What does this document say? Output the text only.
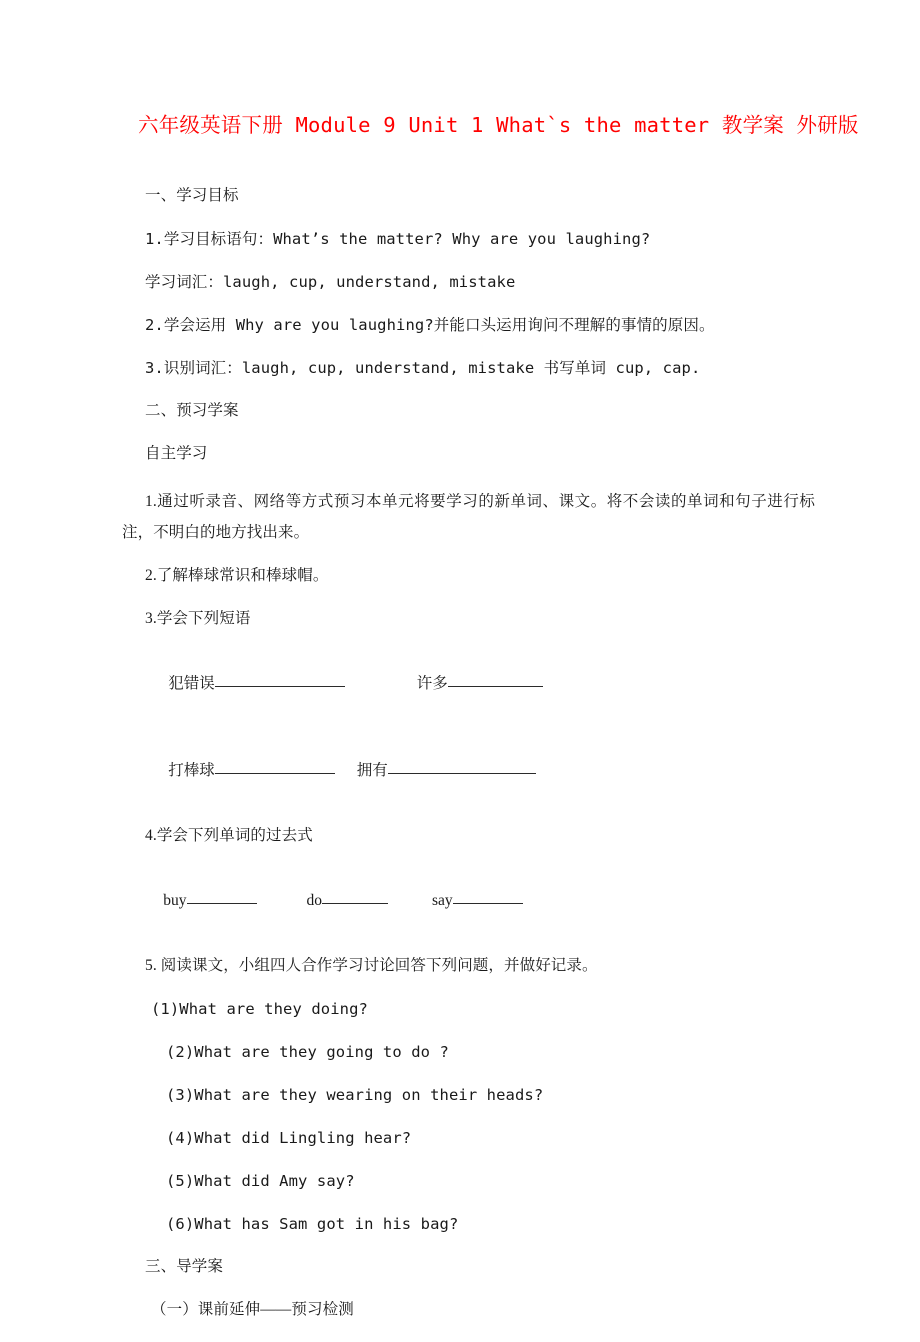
六年级英语下册 Module 9 Unit 1 What`s the matter 教学案 外研版
一、学习目标
1.学习目标语句：What’s the matter? Why are you laughing?
学习词汇：laugh, cup, understand, mistake
2.学会运用 Why are you laughing?并能口头运用询问不理解的事情的原因。
3.识别词汇：laugh, cup, understand, mistake 书写单词 cup, cap.
二、预习学案
自主学习
1.通过听录音、网络等方式预习本单元将要学习的新单词、课文。将不会读的单词和句子进行标注，不明白的地方找出来。
2.了解棒球常识和棒球帽。
3.学会下列短语

犯错误	许多

打棒球	拥有

4.学会下列单词的过去式

buy	do	say

5. 阅读课文，小组四人合作学习讨论回答下列问题，并做好记录。
(1)What are they doing?
(2)What are they going to do ?
(3)What are they wearing on their heads?
(4)What did Lingling hear?
(5)What did Amy say?
(6)What has Sam got in his bag?
三、导学案
（一）课前延伸——预习检测
